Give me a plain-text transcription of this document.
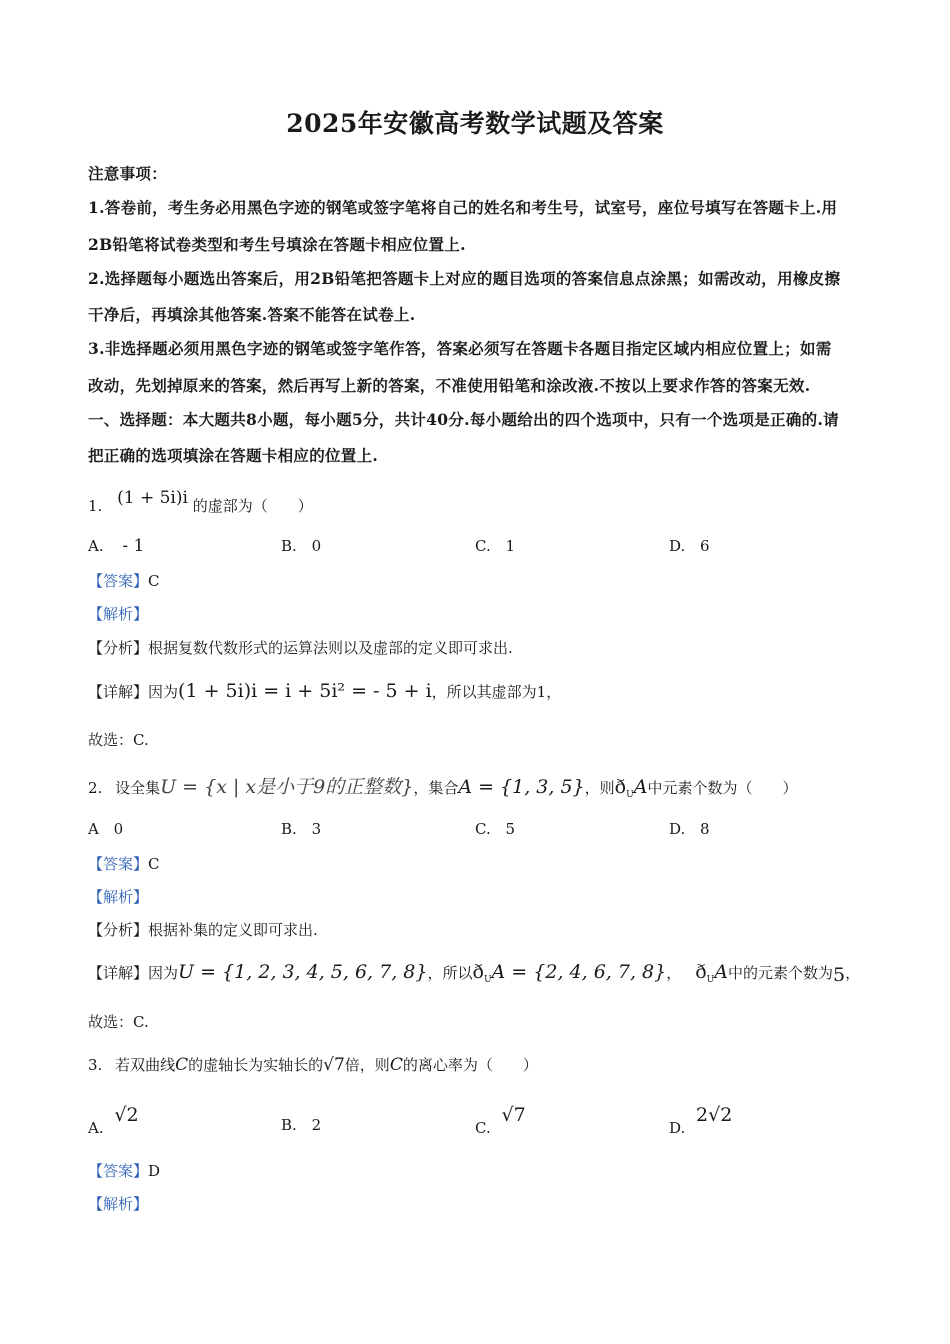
2025年安徽高考数学试题及答案
注意事项：
1.答卷前，考生务必用黑色字迹的钢笔或签字笔将自己的姓名和考生号，试室号，座位号填写在答题卡上.用
2B铅笔将试卷类型和考生号填涂在答题卡相应位置上.
2.选择题每小题选出答案后，用2B铅笔把答题卡上对应的题目选项的答案信息点涂黑；如需改动，用橡皮擦
干净后，再填涂其他答案.答案不能答在试卷上.
3.非选择题必须用黑色字迹的钢笔或签字笔作答，答案必须写在答题卡各题目指定区域内相应位置上；如需
改动，先划掉原来的答案，然后再写上新的答案，不准使用铅笔和涂改液.不按以上要求作答的答案无效.
一、选择题：本大题共8小题，每小题5分，共计40分.每小题给出的四个选项中，只有一个选项是正确的.请
把正确的选项填涂在答题卡相应的位置上.
1. (1 + 5i)i 的虚部为（　　）
A. - 1	B. 0	C. 1	D. 6
【答案】C
【解析】
【分析】根据复数代数形式的运算法则以及虚部的定义即可求出.
【详解】因为(1 + 5i)i = i + 5i² = - 5 + i，所以其虚部为1，
故选：C.
2. 设全集U = {x | x是小于9的正整数}，集合A = {1, 3, 5}，则$ð_UA$中元素个数为（　　）
A 0	B. 3	C. 5	D. 8
【答案】C
【解析】
【分析】根据补集的定义即可求出.
【详解】因为U = {1, 2, 3, 4, 5, 6, 7, 8}，所以$ð_UA = \{2$, 4, 6, 7, 8}， $ð_UA$中的元素个数为5，
故选：C.
3. 若双曲线C的虚轴长为实轴长的√7倍，则C的离心率为（　　）
A. √2	B. 2	C. √7
D. 2√2
【答案】D
【解析】
